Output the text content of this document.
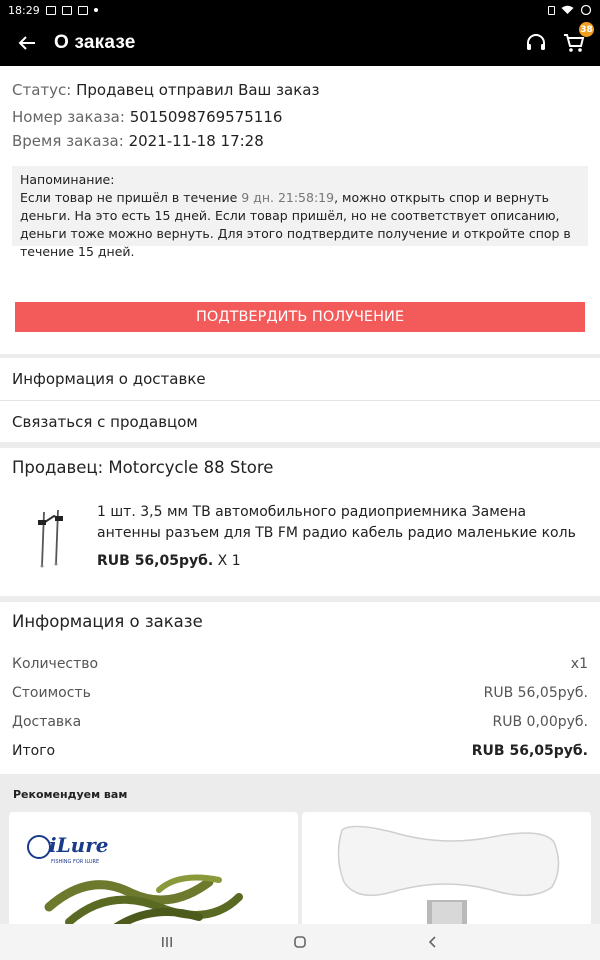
18:29
О заказе
38
Статус: Продавец отправил Ваш заказ
Номер заказа: 5015098769575116
Время заказа: 2021-11-18 17:28
Напоминание:
Если товар не пришёл в течение 9 дн. 21:58:19, можно открыть спор и вернуть деньги. На это есть 15 дней. Если товар пришёл, но не соответствует описанию, деньги тоже можно вернуть. Для этого подтвердите получение и откройте спор в течение 15 дней.
ПОДТВЕРДИТЬ ПОЛУЧЕНИЕ
Информация о доставке
Связаться с продавцом
Продавец: Motorcycle 88 Store
1 шт. 3,5 мм ТВ автомобильного радиоприемника Замена
антенны разъем для ТВ FM радио кабель радио маленькие коль
RUB 56,05руб. X 1
Информация о заказе
Количество	x1
Стоимость	RUB 56,05руб.
Доставка	RUB 0,00руб.
Итого	RUB 56,05руб.
Рекомендуем вам
iLure
FISHING FOR ILURE
